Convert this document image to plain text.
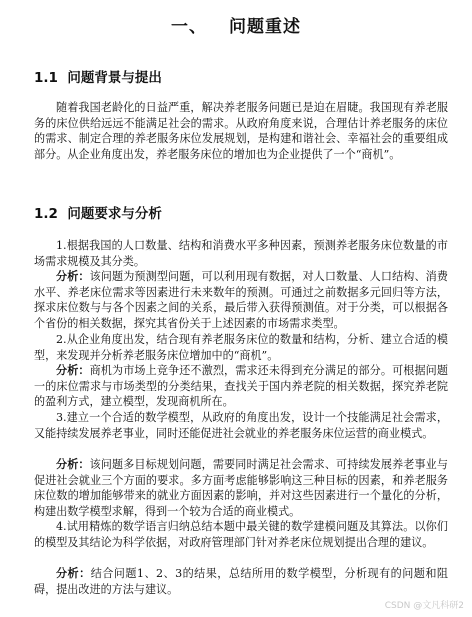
一、 问题重述
1.1 问题背景与提出

随着我国老龄化的日益严重，解决养老服务问题已是迫在眉睫。我国现有养老服务的床位供给远远不能满足社会的需求。从政府角度来说，合理估计养老服务的床位的需求、制定合理的养老服务床位发展规划，是构建和谐社会、幸福社会的重要组成部分。从企业角度出发，养老服务床位的增加也为企业提供了一个“商机”。

1.2 问题要求与分析

1.根据我国的人口数量、结构和消费水平多种因素，预测养老服务床位数量的市场需求规模及其分类。

分析：该问题为预测型问题，可以利用现有数据，对人口数量、人口结构、消费水平、养老床位需求等因素进行未来数年的预测。可通过之前数据多元回归等方法，探求床位数与与各个因素之间的关系，最后带入获得预测值。对于分类，可以根据各个省份的相关数据，探究其省份关于上述因素的市场需求类型。

2.从企业角度出发，结合现有养老服务床位的数量和结构，分析、建立合适的模型，来发现并分析养老服务床位增加中的“商机”。

分析：商机为市场上竞争还不激烈，需求还未得到充分满足的部分。可根据问题一的床位需求与市场类型的分类结果，查找关于国内养老院的相关数据，探究养老院的盈利方式，建立模型，发现商机所在。

3.建立一个合适的数学模型，从政府的角度出发，设计一个技能满足社会需求，又能持续发展养老事业，同时还能促进社会就业的养老服务床位运营的商业模式。

分析：该问题多目标规划问题，需要同时满足社会需求、可持续发展养老事业与促进社会就业三个方面的要求。多方面考虑能够影响这三种目标的因素，和养老服务床位数的增加能够带来的就业方面因素的影响，并对这些因素进行一个量化的分析，构建出数学模型求解，得到一个较为合适的商业模式。

4.试用精炼的数学语言归纳总结本题中最关键的数学建模问题及其算法。以你们的模型及其结论为科学依据，对政府管理部门针对养老床位规划提出合理的建议。

分析：结合问题1、2、3的结果，总结所用的数学模型，分析现有的问题和阻碍，提出改进的方法与建议。

CSDN @文凡科研2
